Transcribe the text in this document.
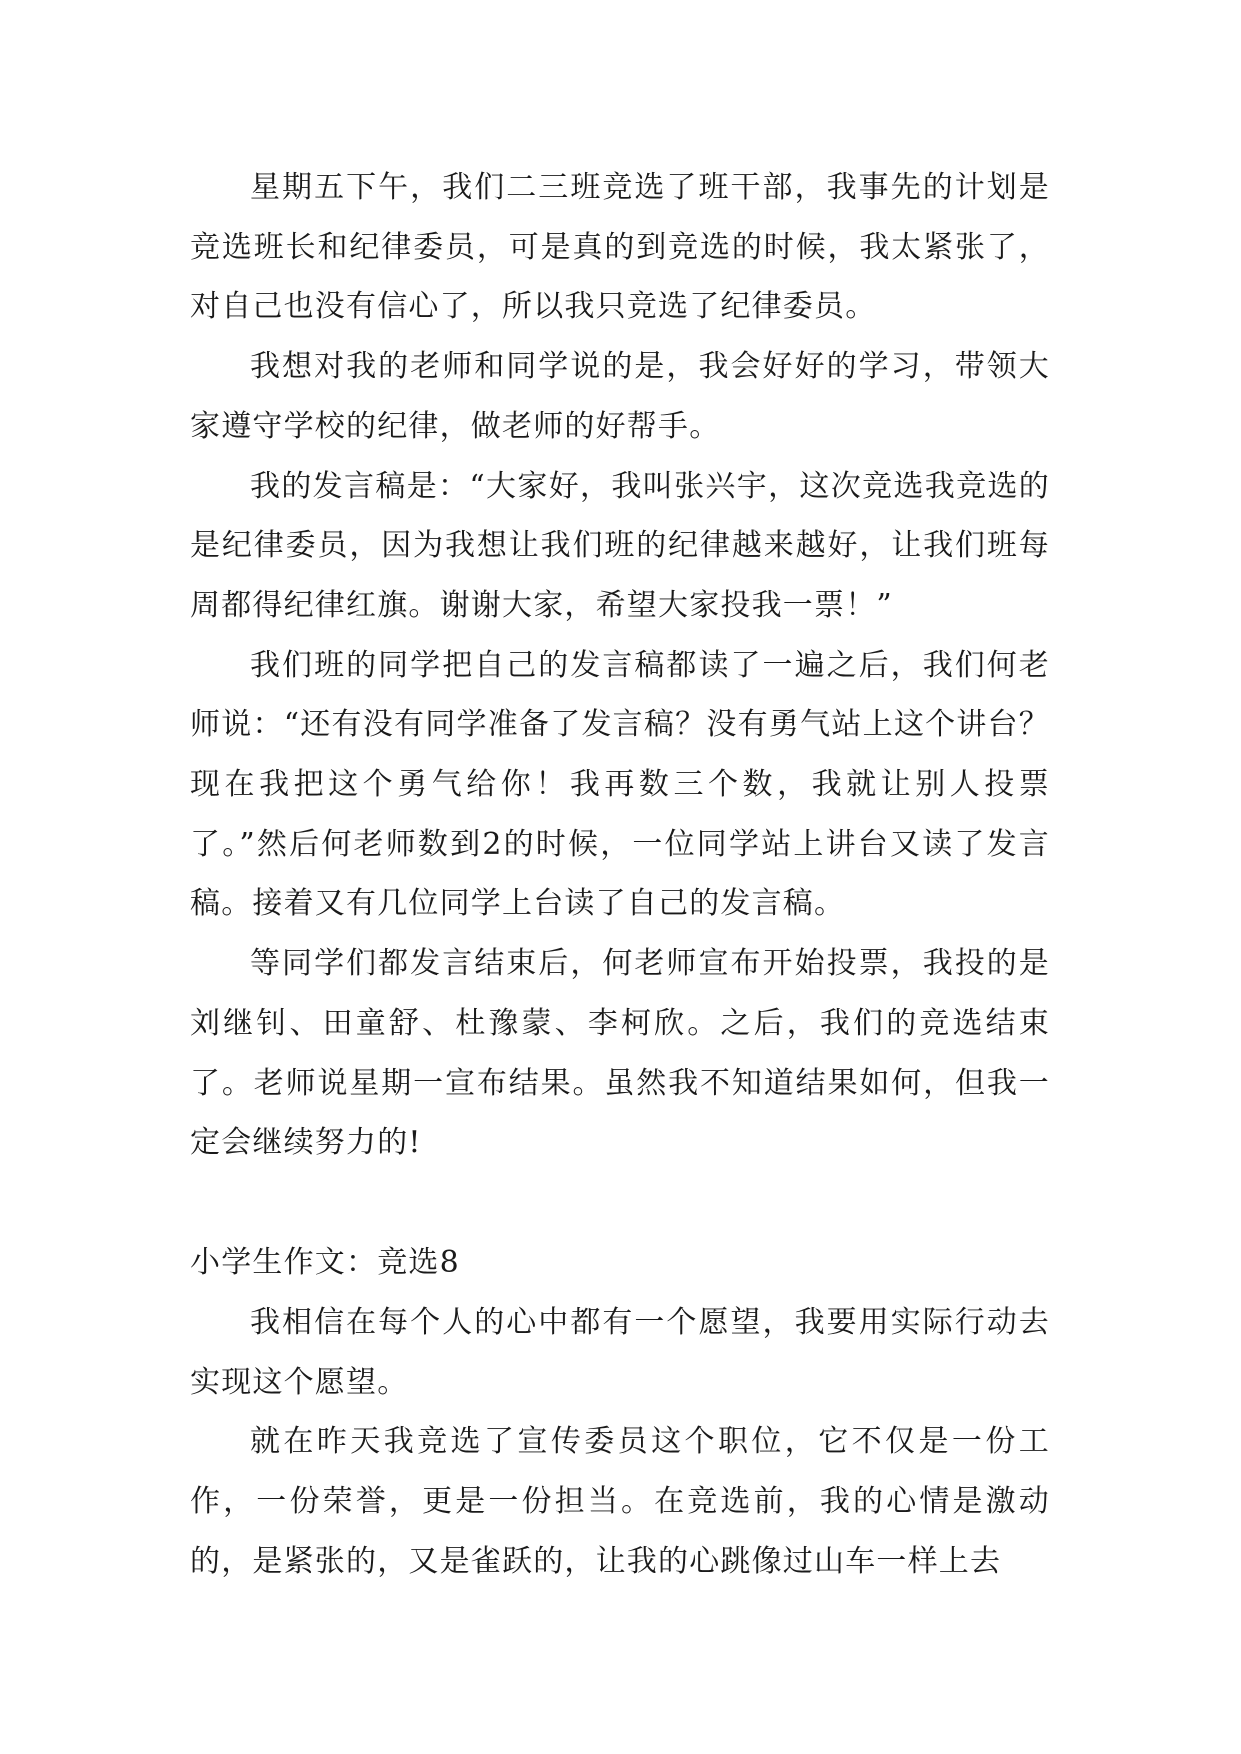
星期五下午，我们二三班竞选了班干部，我事先的计划是竞选班长和纪律委员，可是真的到竞选的时候，我太紧张了，对自己也没有信心了，所以我只竞选了纪律委员。

我想对我的老师和同学说的是，我会好好的学习，带领大家遵守学校的纪律，做老师的好帮手。

我的发言稿是：“大家好，我叫张兴宇，这次竞选我竞选的是纪律委员，因为我想让我们班的纪律越来越好，让我们班每周都得纪律红旗。谢谢大家，希望大家投我一票！”

我们班的同学把自己的发言稿都读了一遍之后，我们何老师说：“还有没有同学准备了发言稿？没有勇气站上这个讲台？现在我把这个勇气给你！我再数三个数，我就让别人投票了。”然后何老师数到2的时候，一位同学站上讲台又读了发言稿。接着又有几位同学上台读了自己的发言稿。

等同学们都发言结束后，何老师宣布开始投票，我投的是刘继钊、田童舒、杜豫蒙、李柯欣。之后，我们的竞选结束了。老师说星期一宣布结果。虽然我不知道结果如何，但我一定会继续努力的!

小学生作文：竞选8

我相信在每个人的心中都有一个愿望，我要用实际行动去实现这个愿望。

就在昨天我竞选了宣传委员这个职位，它不仅是一份工作，一份荣誉，更是一份担当。在竞选前，我的心情是激动的，是紧张的，又是雀跃的，让我的心跳像过山车一样上去
